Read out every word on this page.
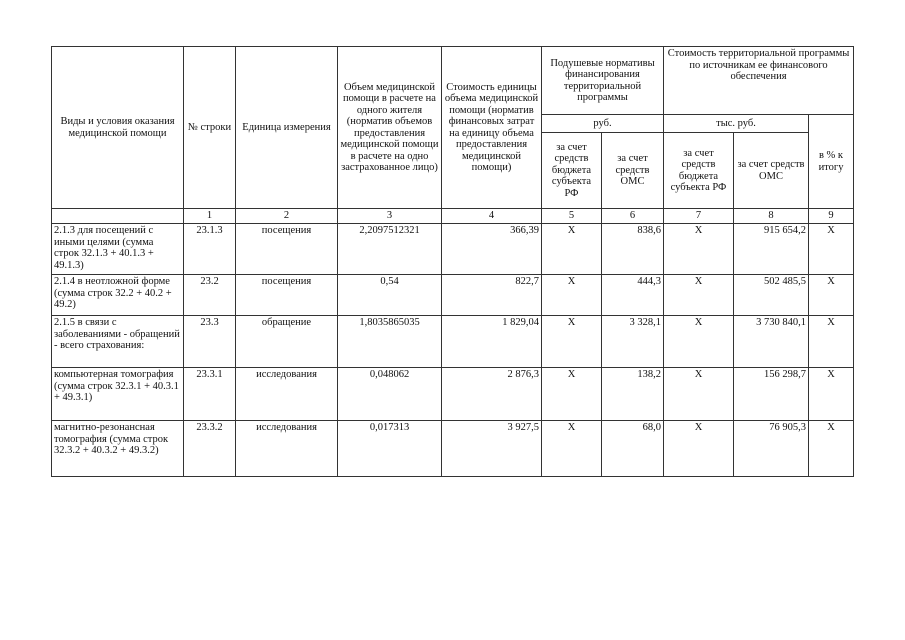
Виды и условия оказания медицинской помощи	№ строки	Единица измерения	Объем медицинской помощи в расчете на одного жителя (норматив объемов предоставления медицинской помощи в расчете на одно застрахованное лицо)	Стоимость единицы объема медицинской помощи (норматив финансовых затрат на единицу объема предоставления медицинской помощи)	Подушевые нормативы финансирования территориальной программы		Стоимость территориальной программы по источникам ее финансового обеспечения		
					руб.		тыс. руб.		в % к итогу
					за счет средств бюджета субъекта РФ	за счет средств ОМС	за счет средств бюджета субъекта РФ	за счет средств ОМС	
	1	2	3	4	5	6	7	8	9
2.1.3 для посещений с иными целями (сумма строк 32.1.3 + 40.1.3 + 49.1.3)	23.1.3	посещения	2,2097512321	366,39	X	838,6	X	915 654,2	X
2.1.4 в неотложной форме (сумма строк 32.2 + 40.2 + 49.2)	23.2	посещения	0,54	822,7	X	444,3	X	502 485,5	X
2.1.5 в связи с заболеваниями - обращений - всего страхования:	23.3	обращение	1,8035865035	1 829,04	X	3 328,1	X	3 730 840,1	X
компьютерная томография (сумма строк 32.3.1 + 40.3.1 + 49.3.1)	23.3.1	исследования	0,048062	2 876,3	X	138,2	X	156 298,7	X
магнитно-резонансная томография (сумма строк 32.3.2 + 40.3.2 + 49.3.2)	23.3.2	исследования	0,017313	3 927,5	X	68,0	X	76 905,3	X
